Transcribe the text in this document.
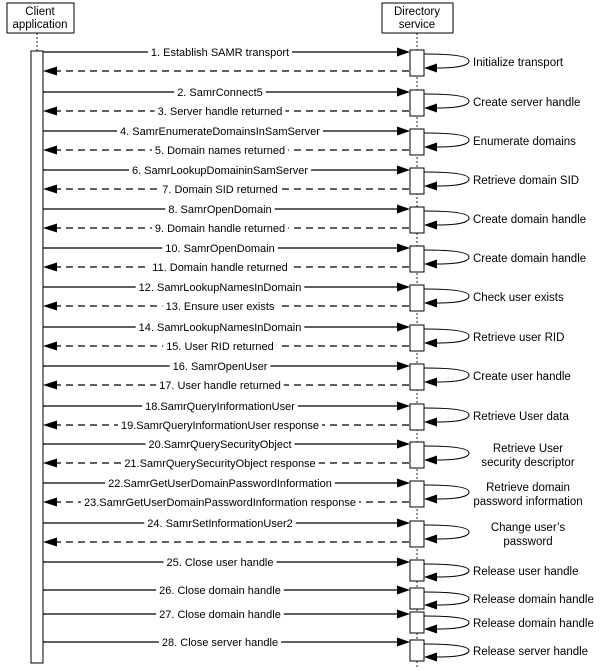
Client application
Directory service
1. Establish SAMR transport
Initialize transport
2. SamrConnect5
3. Server handle returned
Create server handle
4. SamrEnumerateDomainsInSamServer
5. Domain names returned
Enumerate domains
6. SamrLookupDomaininSamServer
7. Domain SID returned
Retrieve domain SID
8. SamrOpenDomain
9. Domain handle returned
Create domain handle
10. SamrOpenDomain
11. Domain handle returned
Create domain handle
12. SamrLookupNamesInDomain
13. Ensure user exists
Check user exists
14. SamrLookupNamesInDomain
15. User RID returned
Retrieve user RID
16. SamrOpenUser
17. User handle returned
Create user handle
18.SamrQueryInformationUser
19.SamrQueryInformationUser response
Retrieve User data
20.SamrQuerySecurityObject
21.SamrQuerySecurityObject response
Retrieve User
security descriptor
22.SamrGetUserDomainPasswordInformation
23.SamrGetUserDomainPasswordInformation response
Retrieve domain
password information
24. SamrSetInformationUser2	Change user’s
password
25. Close user handle
Release user handle
26. Close domain handle
Release domain handle
27. Close domain handle
Release domain handle
28. Close server handle
Release server handle
